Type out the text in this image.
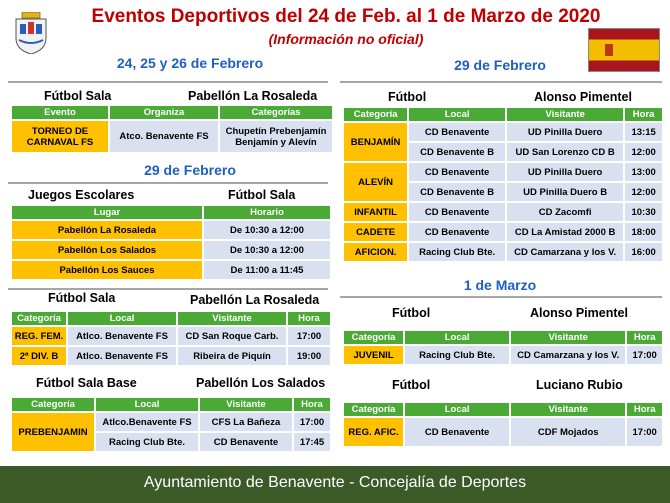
Eventos Deportivos del 24 de Feb. al 1 de Marzo de 2020
(Información no oficial)
24, 25 y 26 de Febrero
Fútbol Sala	Pabellón La Rosaleda
Evento	Organiza	Categorías
TORNEO DE CARNAVAL FS	Atco. Benavente FS	Chupetín Prebenjamín Benjamín y Alevín
29 de Febrero
Juegos Escolares	Fútbol Sala
Lugar	Horario
Pabellón La Rosaleda	De 10:30 a 12:00
Pabellón Los Salados	De 10:30 a 12:00
Pabellón Los Sauces	De 11:00 a 11:45
Fútbol Sala	Pabellón La Rosaleda
Categoría	Local	Visitante	Hora
REG. FEM.	Atlco. Benavente FS	CD San Roque Carb.	17:00
2ª DIV. B	Atlco. Benavente FS	Ribeira de Piquín	19:00
Fútbol Sala Base	Pabellón Los Salados
Categoría	Local	Visitante	Hora
PREBENJAMIN	Atlco.Benavente FS	CFS La Bañeza	17:00
	Racing Club Bte.	CD Benavente	17:45
29 de Febrero
Fútbol	Alonso Pimentel
Categoría	Local	Visitante	Hora
BENJAMÍN	CD Benavente	UD Pinilla Duero	13:15
	CD Benavente B	UD San Lorenzo CD B	12:00
ALEVÍN	CD Benavente	UD Pinilla Duero	13:00
	CD Benavente B	UD Pinilla Duero B	12:00
INFANTIL	CD Benavente	CD Zacomfi	10:30
CADETE	CD Benavente	CD La Amistad 2000 B	18:00
AFICION.	Racing Club Bte.	CD Camarzana y los V.	16:00
1 de Marzo
Fútbol	Alonso Pimentel
Categoría	Local	Visitante	Hora
JUVENIL	Racing Club Bte.	CD Camarzana y los V.	17:00
Fútbol	Luciano Rubio
Categoría	Local	Visitante	Hora
REG. AFIC.	CD Benavente	CDF Mojados	17:00
Ayuntamiento de Benavente - Concejalía de Deportes
